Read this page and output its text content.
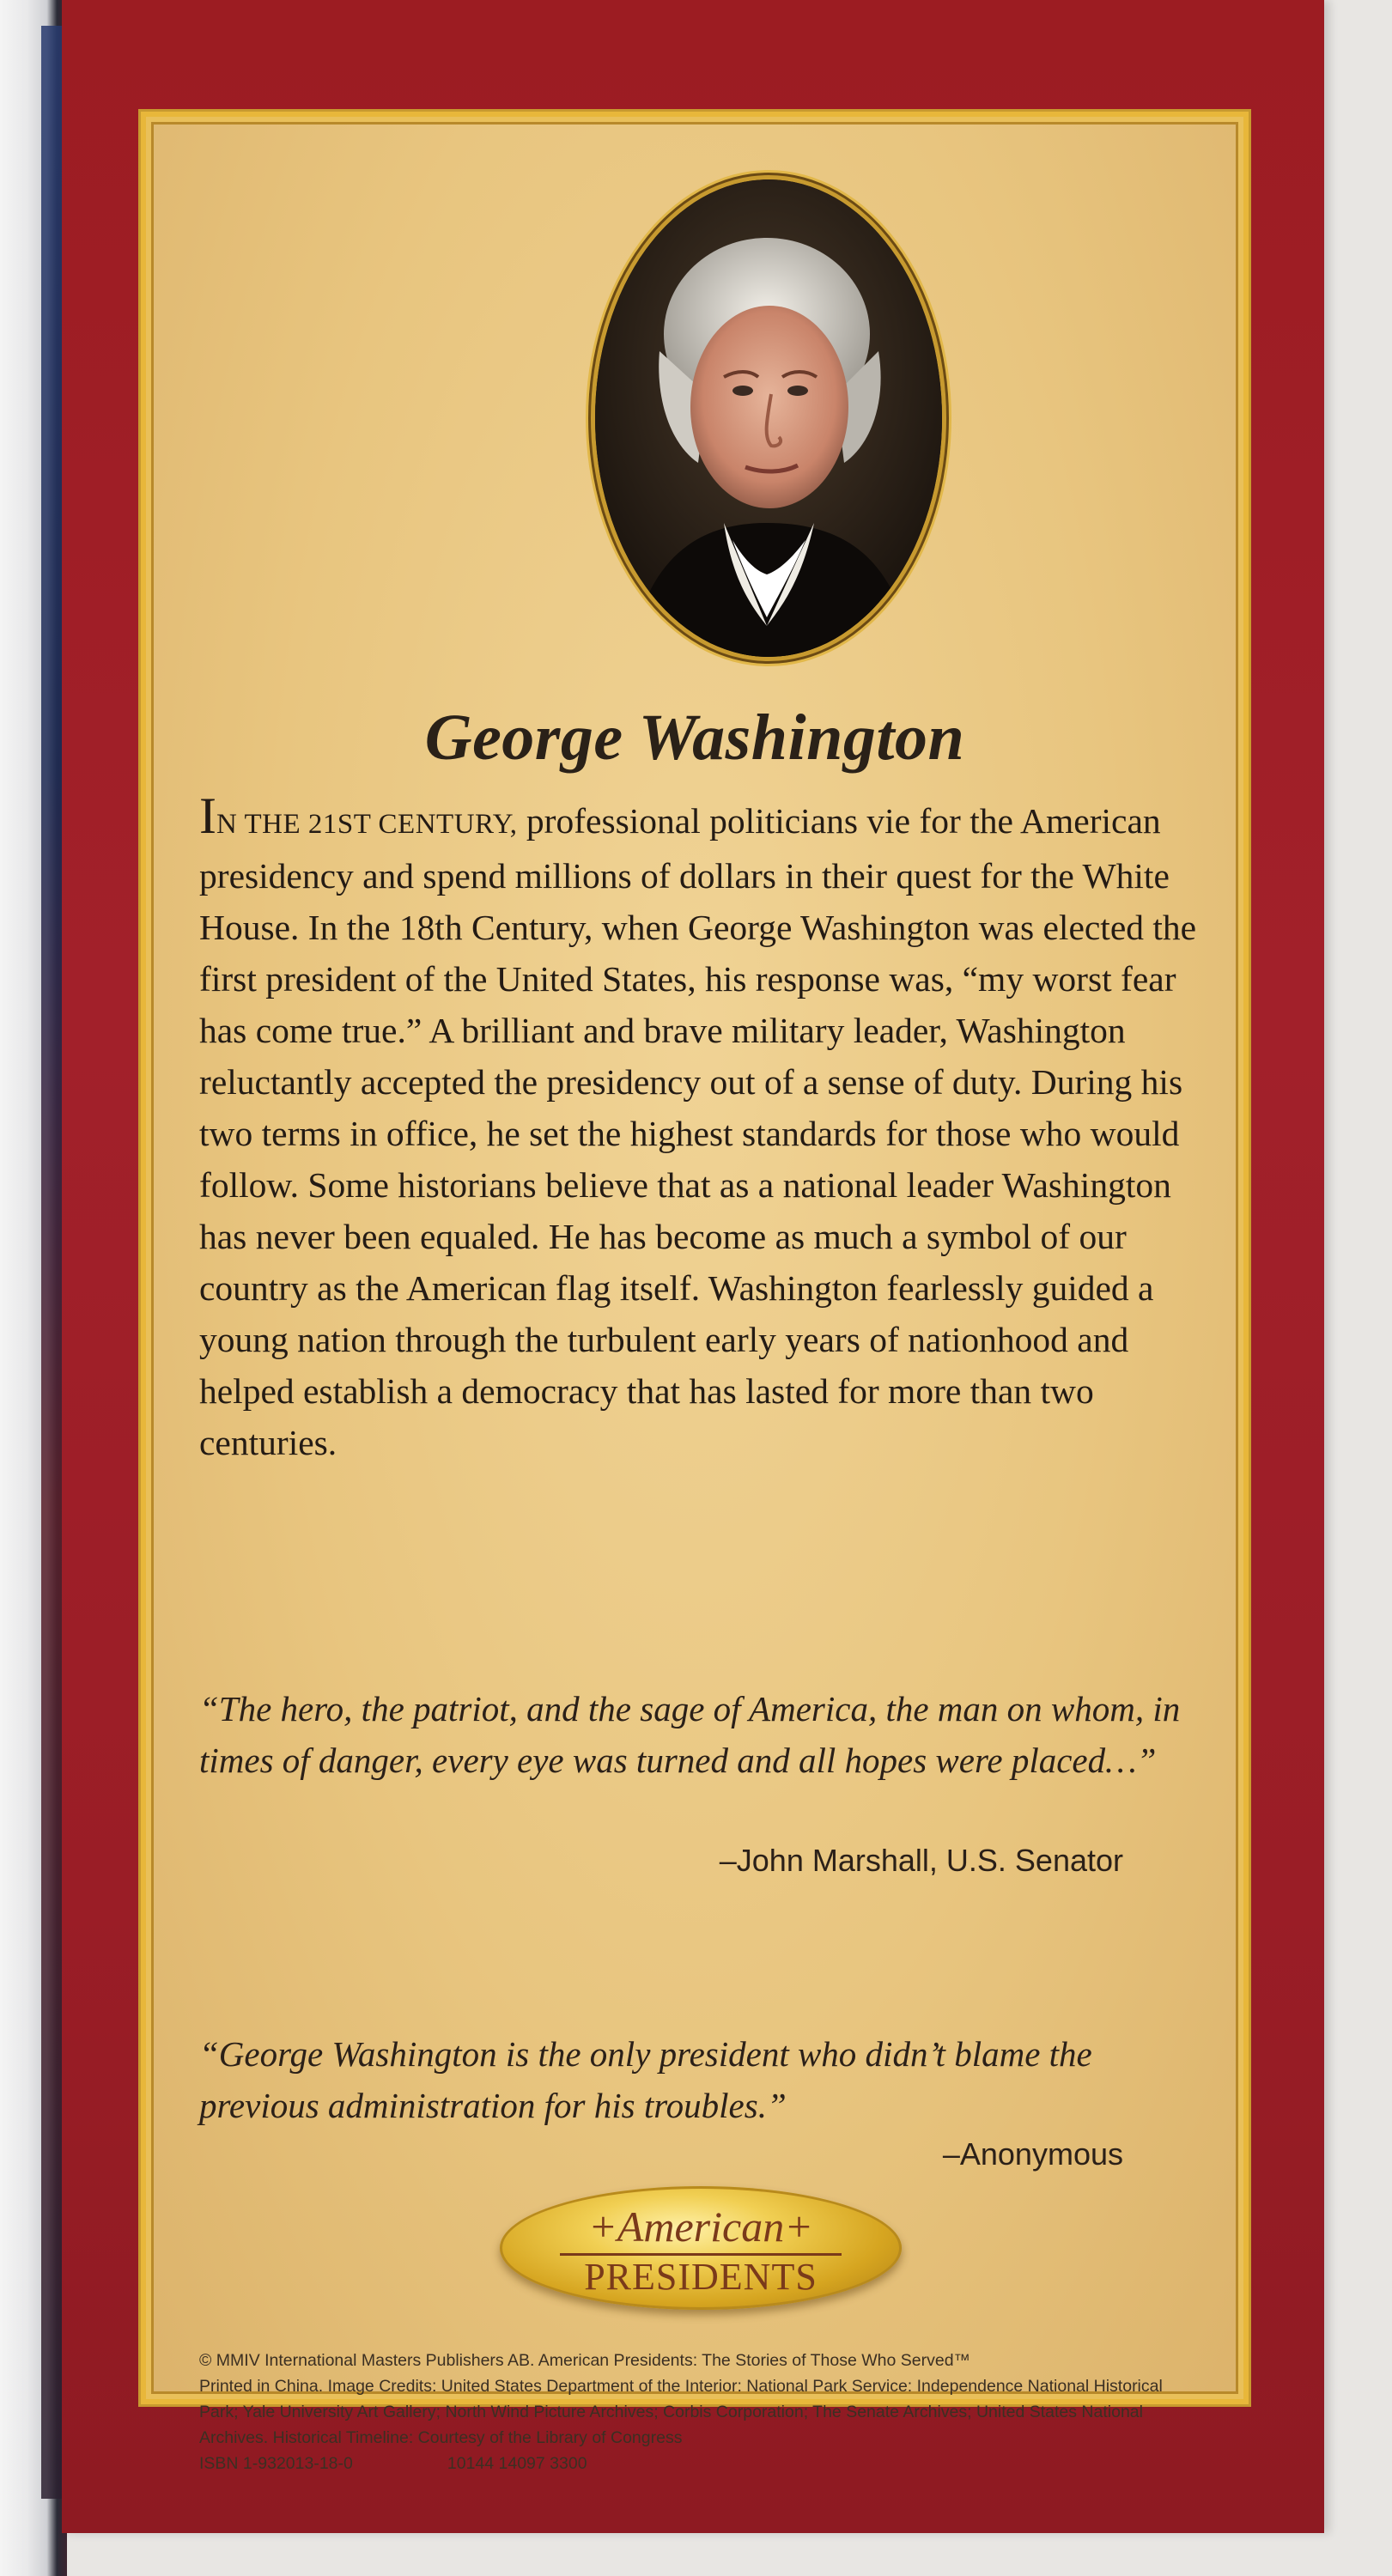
George Washington
IN THE 21ST CENTURY, professional politicians vie for the American presidency and spend millions of dollars in their quest for the White House. In the 18th Century, when George Washington was elected the first president of the United States, his response was, “my worst fear has come true.” A brilliant and brave military leader, Washington reluctantly accepted the presidency out of a sense of duty. During his two terms in office, he set the highest standards for those who would follow. Some historians believe that as a national leader Washington has never been equaled. He has become as much a symbol of our country as the American flag itself. Washington fearlessly guided a young nation through the turbulent early years of nationhood and helped establish a democracy that has lasted for more than two centuries.
“The hero, the patriot, and the sage of America, the man on whom, in times of danger, every eye was turned and all hopes were placed…”
–John Marshall, U.S. Senator
“George Washington is the only president who didn’t blame the previous administration for his troubles.”
–Anonymous
+American+
PRESIDENTS
© MMIV International Masters Publishers AB. American Presidents: The Stories of Those Who Served™
Printed in China. Image Credits: United States Department of the Interior: National Park Service: Independence National Historical Park; Yale University Art Gallery; North Wind Picture Archives; Corbis Corporation; The Senate Archives; United States National Archives. Historical Timeline: Courtesy of the Library of Congress
ISBN 1-932013-18-0	10144 14097 3300
